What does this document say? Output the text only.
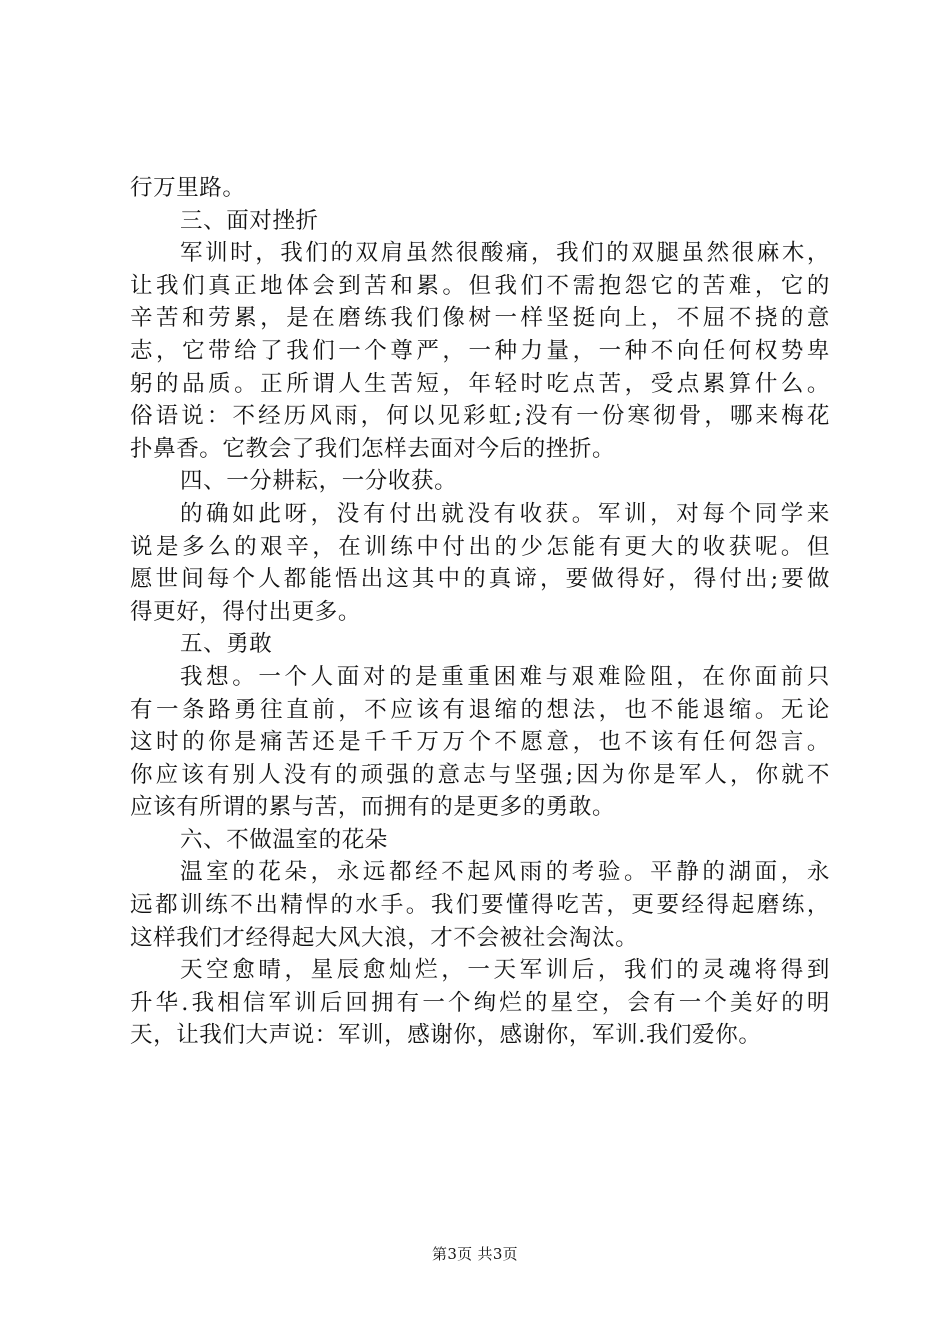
行万里路。
三、面对挫折
军训时，我们的双肩虽然很酸痛，我们的双腿虽然很麻木，
让我们真正地体会到苦和累。但我们不需抱怨它的苦难，它的
辛苦和劳累，是在磨练我们像树一样坚挺向上，不屈不挠的意
志，它带给了我们一个尊严，一种力量，一种不向任何权势卑
躬的品质。正所谓人生苦短，年轻时吃点苦，受点累算什么。
俗语说：不经历风雨，何以见彩虹;没有一份寒彻骨，哪来梅花
扑鼻香。它教会了我们怎样去面对今后的挫折。
四、一分耕耘，一分收获。
的确如此呀，没有付出就没有收获。军训，对每个同学来
说是多么的艰辛，在训练中付出的少怎能有更大的收获呢。但
愿世间每个人都能悟出这其中的真谛，要做得好，得付出;要做
得更好，得付出更多。
五、勇敢
我想。一个人面对的是重重困难与艰难险阻，在你面前只
有一条路勇往直前，不应该有退缩的想法，也不能退缩。无论
这时的你是痛苦还是千千万万个不愿意，也不该有任何怨言。
你应该有别人没有的顽强的意志与坚强;因为你是军人，你就不
应该有所谓的累与苦，而拥有的是更多的勇敢。
六、不做温室的花朵
温室的花朵，永远都经不起风雨的考验。平静的湖面，永
远都训练不出精悍的水手。我们要懂得吃苦，更要经得起磨练，
这样我们才经得起大风大浪，才不会被社会淘汰。
天空愈晴，星辰愈灿烂，一天军训后，我们的灵魂将得到
升华.我相信军训后回拥有一个绚烂的星空，会有一个美好的明
天，让我们大声说：军训，感谢你，感谢你，军训.我们爱你。
第3页 共3页
